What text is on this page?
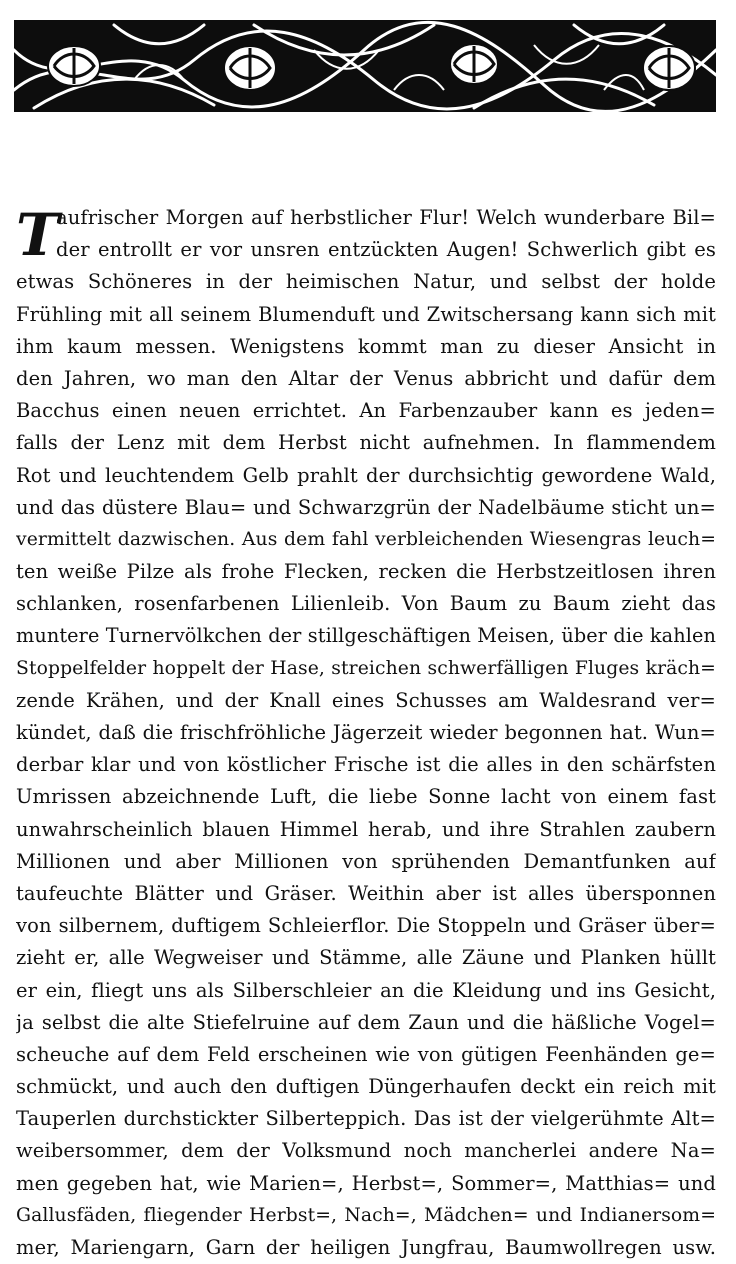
T
aufrischer Morgen auf herbstlicher Flur! Welch wunderbare Bil=
der entrollt er vor unsren entzückten Augen! Schwerlich gibt es
etwas Schöneres in der heimischen Natur, und selbst der holde
Frühling mit all seinem Blumenduft und Zwitschersang kann sich mit
ihm kaum messen. Wenigstens kommt man zu dieser Ansicht in
den Jahren, wo man den Altar der Venus abbricht und dafür dem
Bacchus einen neuen errichtet. An Farbenzauber kann es jeden=
falls der Lenz mit dem Herbst nicht aufnehmen. In flammendem
Rot und leuchtendem Gelb prahlt der durchsichtig gewordene Wald,
und das düstere Blau= und Schwarzgrün der Nadelbäume sticht un=
vermittelt dazwischen. Aus dem fahl verbleichenden Wiesengras leuch=
ten weiße Pilze als frohe Flecken, recken die Herbstzeitlosen ihren
schlanken, rosenfarbenen Lilienleib. Von Baum zu Baum zieht das
muntere Turnervölkchen der stillgeschäftigen Meisen, über die kahlen
Stoppelfelder hoppelt der Hase, streichen schwerfälligen Fluges kräch=
zende Krähen, und der Knall eines Schusses am Waldesrand ver=
kündet, daß die frischfröhliche Jägerzeit wieder begonnen hat. Wun=
derbar klar und von köstlicher Frische ist die alles in den schärfsten
Umrissen abzeichnende Luft, die liebe Sonne lacht von einem fast
unwahrscheinlich blauen Himmel herab, und ihre Strahlen zaubern
Millionen und aber Millionen von sprühenden Demantfunken auf
taufeuchte Blätter und Gräser. Weithin aber ist alles übersponnen
von silbernem, duftigem Schleierflor. Die Stoppeln und Gräser über=
zieht er, alle Wegweiser und Stämme, alle Zäune und Planken hüllt
er ein, fliegt uns als Silberschleier an die Kleidung und ins Gesicht,
ja selbst die alte Stiefelruine auf dem Zaun und die häßliche Vogel=
scheuche auf dem Feld erscheinen wie von gütigen Feenhänden ge=
schmückt, und auch den duftigen Düngerhaufen deckt ein reich mit
Tauperlen durchstickter Silberteppich. Das ist der vielgerühmte Alt=
weibersommer, dem der Volksmund noch mancherlei andere Na=
men gegeben hat, wie Marien=, Herbst=, Sommer=, Matthias= und
Gallusfäden, fliegender Herbst=, Nach=, Mädchen= und Indianersom=
mer, Mariengarn, Garn der heiligen Jungfrau, Baumwollregen usw.
